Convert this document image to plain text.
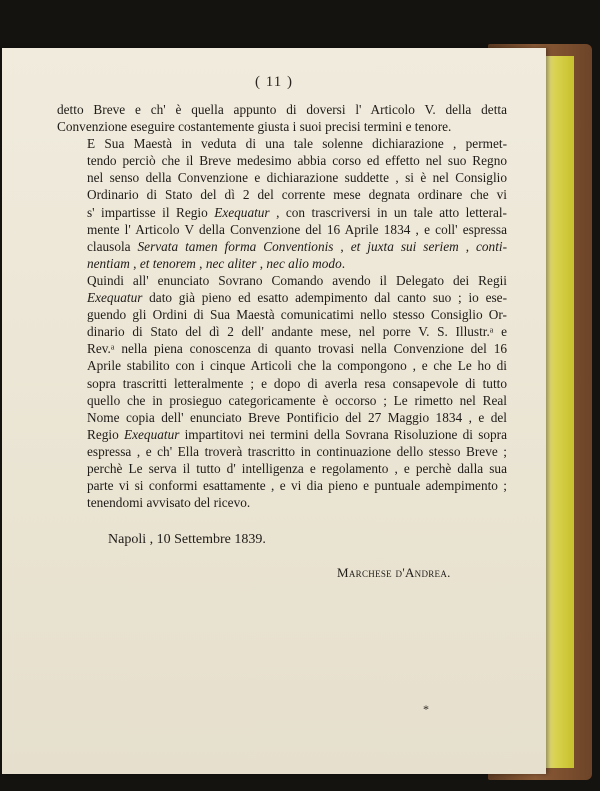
( 11 )

detto Breve e ch' è quella appunto di doversi l' Articolo V. della detta
Convenzione eseguire costantemente giusta i suoi precisi termini e tenore.

E Sua Maestà in veduta di una tale solenne dichiarazione , permet-
tendo perciò che il Breve medesimo abbia corso ed effetto nel suo Regno
nel senso della Convenzione e dichiarazione suddette , si è nel Consiglio
Ordinario di Stato del dì 2 del corrente mese degnata ordinare che vi
s' impartisse il Regio Exequatur , con trascriversi in un tale atto letteral-
mente l' Articolo V della Convenzione del 16 Aprile 1834 , e coll' espressa
clausola Servata tamen forma Conventionis , et juxta sui seriem , conti-
nentiam , et tenorem , nec aliter , nec alio modo.

Quindi all' enunciato Sovrano Comando avendo il Delegato dei Regii
Exequatur dato già pieno ed esatto adempimento dal canto suo ; io ese-
guendo gli Ordini di Sua Maestà comunicatimi nello stesso Consiglio Or-
dinario di Stato del dì 2 dell' andante mese, nel porre V. S. Illustr.ᵃ e
Rev.ᵃ nella piena conoscenza di quanto trovasi nella Convenzione del 16
Aprile stabilito con i cinque Articoli che la compongono , e che Le ho di
sopra trascritti letteralmente ; e dopo di averla resa consapevole di tutto
quello che in prosieguo categoricamente è occorso ; Le rimetto nel Real
Nome copia dell' enunciato Breve Pontificio del 27 Maggio 1834 , e del
Regio Exequatur impartitovi nei termini della Sovrana Risoluzione di sopra
espressa , e ch' Ella troverà trascritto in continuazione dello stesso Breve ;
perchè Le serva il tutto d' intelligenza e regolamento , e perchè dalla sua
parte vi si conformi esattamente , e vi dia pieno e puntuale adempimento ;
tenendomi avvisato del ricevo.

Napoli , 10 Settembre 1839.
Marchese d'Andrea.
*
